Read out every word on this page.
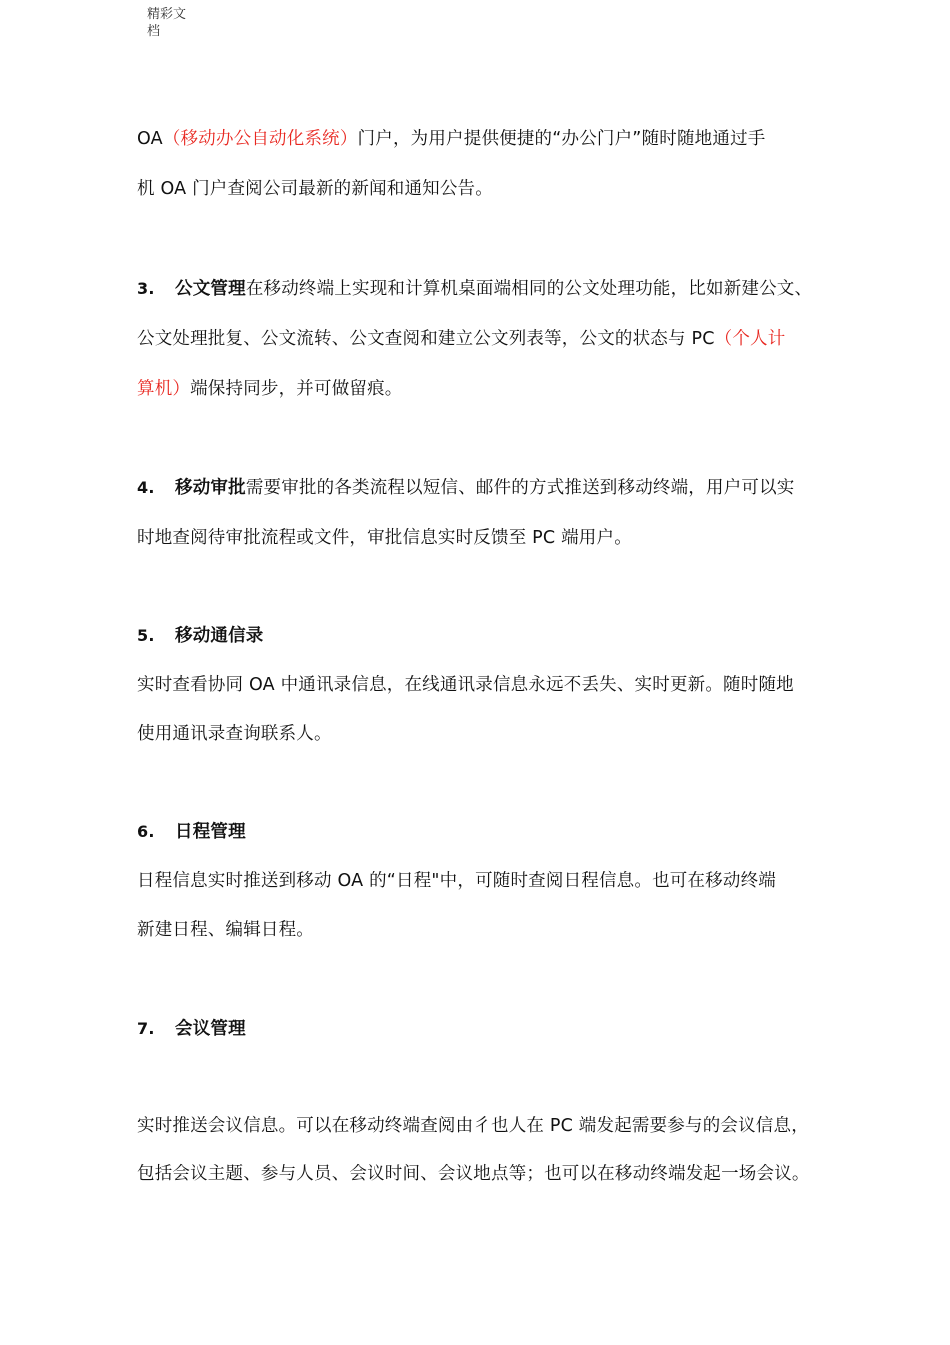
精彩文档
OA（移动办公自动化系统）门户，为用户提供便捷的“办公门户”随时随地通过手
机 OA 门户查阅公司最新的新闻和通知公告。
3. 公文管理在移动终端上实现和计算机桌面端相同的公文处理功能，比如新建公文、
公文处理批复、公文流转、公文查阅和建立公文列表等，公文的状态与 PC（个人计
算机）端保持同步，并可做留痕。
4. 移动审批需要审批的各类流程以短信、邮件的方式推送到移动终端，用户可以实
时地查阅待审批流程或文件，审批信息实时反馈至 PC 端用户。
5. 移动通信录
实时查看协同 OA 中通讯录信息，在线通讯录信息永远不丢失、实时更新。随时随地
使用通讯录查询联系人。
6. 日程管理
日程信息实时推送到移动 OA 的“日程"中，可随时查阅日程信息。也可在移动终端
新建日程、编辑日程。
7. 会议管理
实时推送会议信息。可以在移动终端查阅由彳也人在 PC 端发起需要参与的会议信息，
包括会议主题、参与人员、会议时间、会议地点等；也可以在移动终端发起一场会议。
